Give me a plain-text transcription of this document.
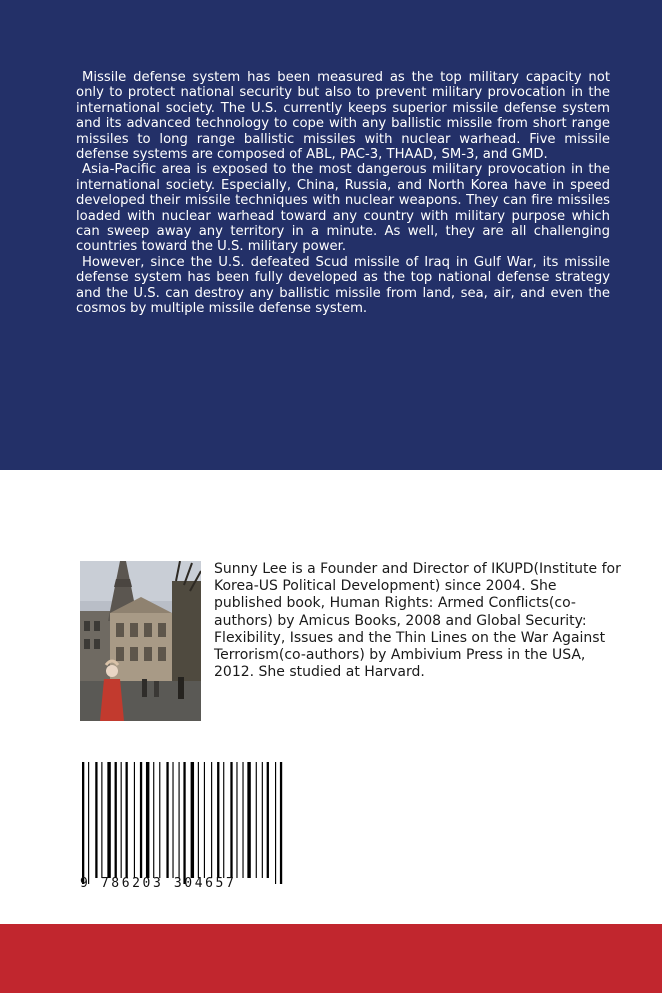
Missile defense system has been measured as the top military capacity not only to protect national security but also to prevent military provocation in the international society. The U.S. currently keeps superior missile defense system and its advanced technology to cope with any ballistic missile from short range missiles to long range ballistic missiles with nuclear warhead. Five missile defense systems are composed of ABL, PAC-3, THAAD, SM-3, and GMD.

Asia-Pacific area is exposed to the most dangerous military provocation in the international society. Especially, China, Russia, and North Korea have in speed developed their missile techniques with nuclear weapons. They can fire missiles loaded with nuclear warhead toward any country with military purpose which can sweep away any territory in a minute. As well, they are all challenging countries toward the U.S. military power.

However, since the U.S. defeated Scud missile of Iraq in Gulf War, its missile defense system has been fully developed as the top national defense strategy and the U.S. can destroy any ballistic missile from land, sea, air, and even the cosmos by multiple missile defense system.

Sunny Lee is a Founder and Director of IKUPD(Institute for Korea-US Political Development) since 2004. She published book, Human Rights: Armed Conflicts(co-authors) by Amicus Books, 2008 and Global Security: Flexibility, Issues and the Thin Lines on the War Against Terrorism(co-authors) by Ambivium Press in the USA, 2012. She studied at Harvard.
9 786203 304657
